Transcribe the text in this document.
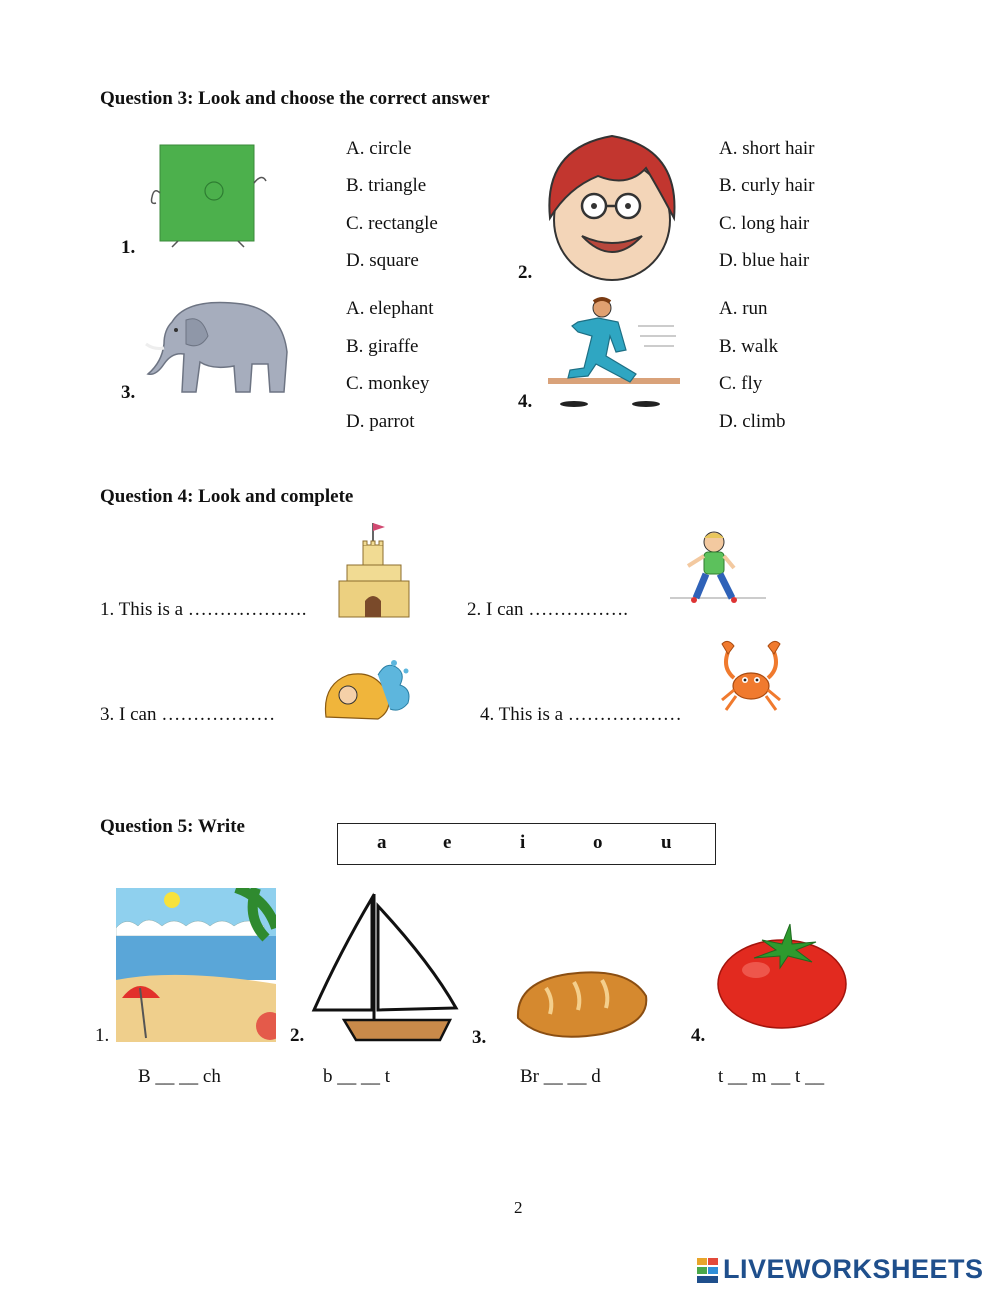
Question 3: Look and choose the correct answer
1.
A. circle
B. triangle
C. rectangle
D. square
2.
A. short hair
B. curly hair
C. long hair
D. blue hair
3.
A. elephant
B. giraffe
C. monkey
D. parrot
4.
A. run
B. walk
C. fly
D. climb
Question 4: Look and complete
1. This is a ……………….	2. I can …………….
3. I can ………………	4. This is a ………………
Question 5: Write
a	e	i	o	u
1.
B __ __ ch
2.
b __ __ t
3.
Br __ __ d
4.
t __ m __ t __
2
LIVEWORKSHEETS
